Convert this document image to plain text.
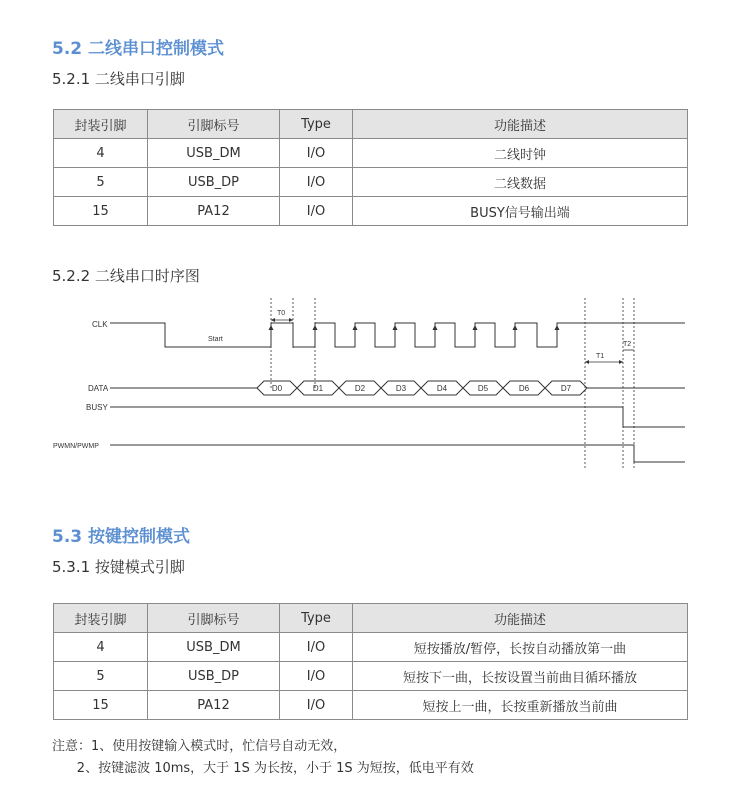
5.2 二线串口控制模式
5.2.1 二线串口引脚
封装引脚	引脚标号	Type	功能描述
4	USB_DM	I/O	二线时钟
5	USB_DP	I/O	二线数据
15	PA12	I/O	BUSY信号输出端
5.2.2 二线串口时序图
CLK
DATA
BUSY
PWMN/PWMP
Start
T0
T1
T2
D0	D1	D2	D3	D4	D5	D6	D7
5.3 按键控制模式
5.3.1 按键模式引脚
封装引脚	引脚标号	Type	功能描述
4	USB_DM	I/O	短按播放/暂停，长按自动播放第一曲
5	USB_DP	I/O	短按下一曲，长按设置当前曲目循环播放
15	PA12	I/O	短按上一曲，长按重新播放当前曲
注意：1、使用按键输入模式时，忙信号自动无效，
2、按键滤波 10ms，大于 1S 为长按，小于 1S 为短按，低电平有效
